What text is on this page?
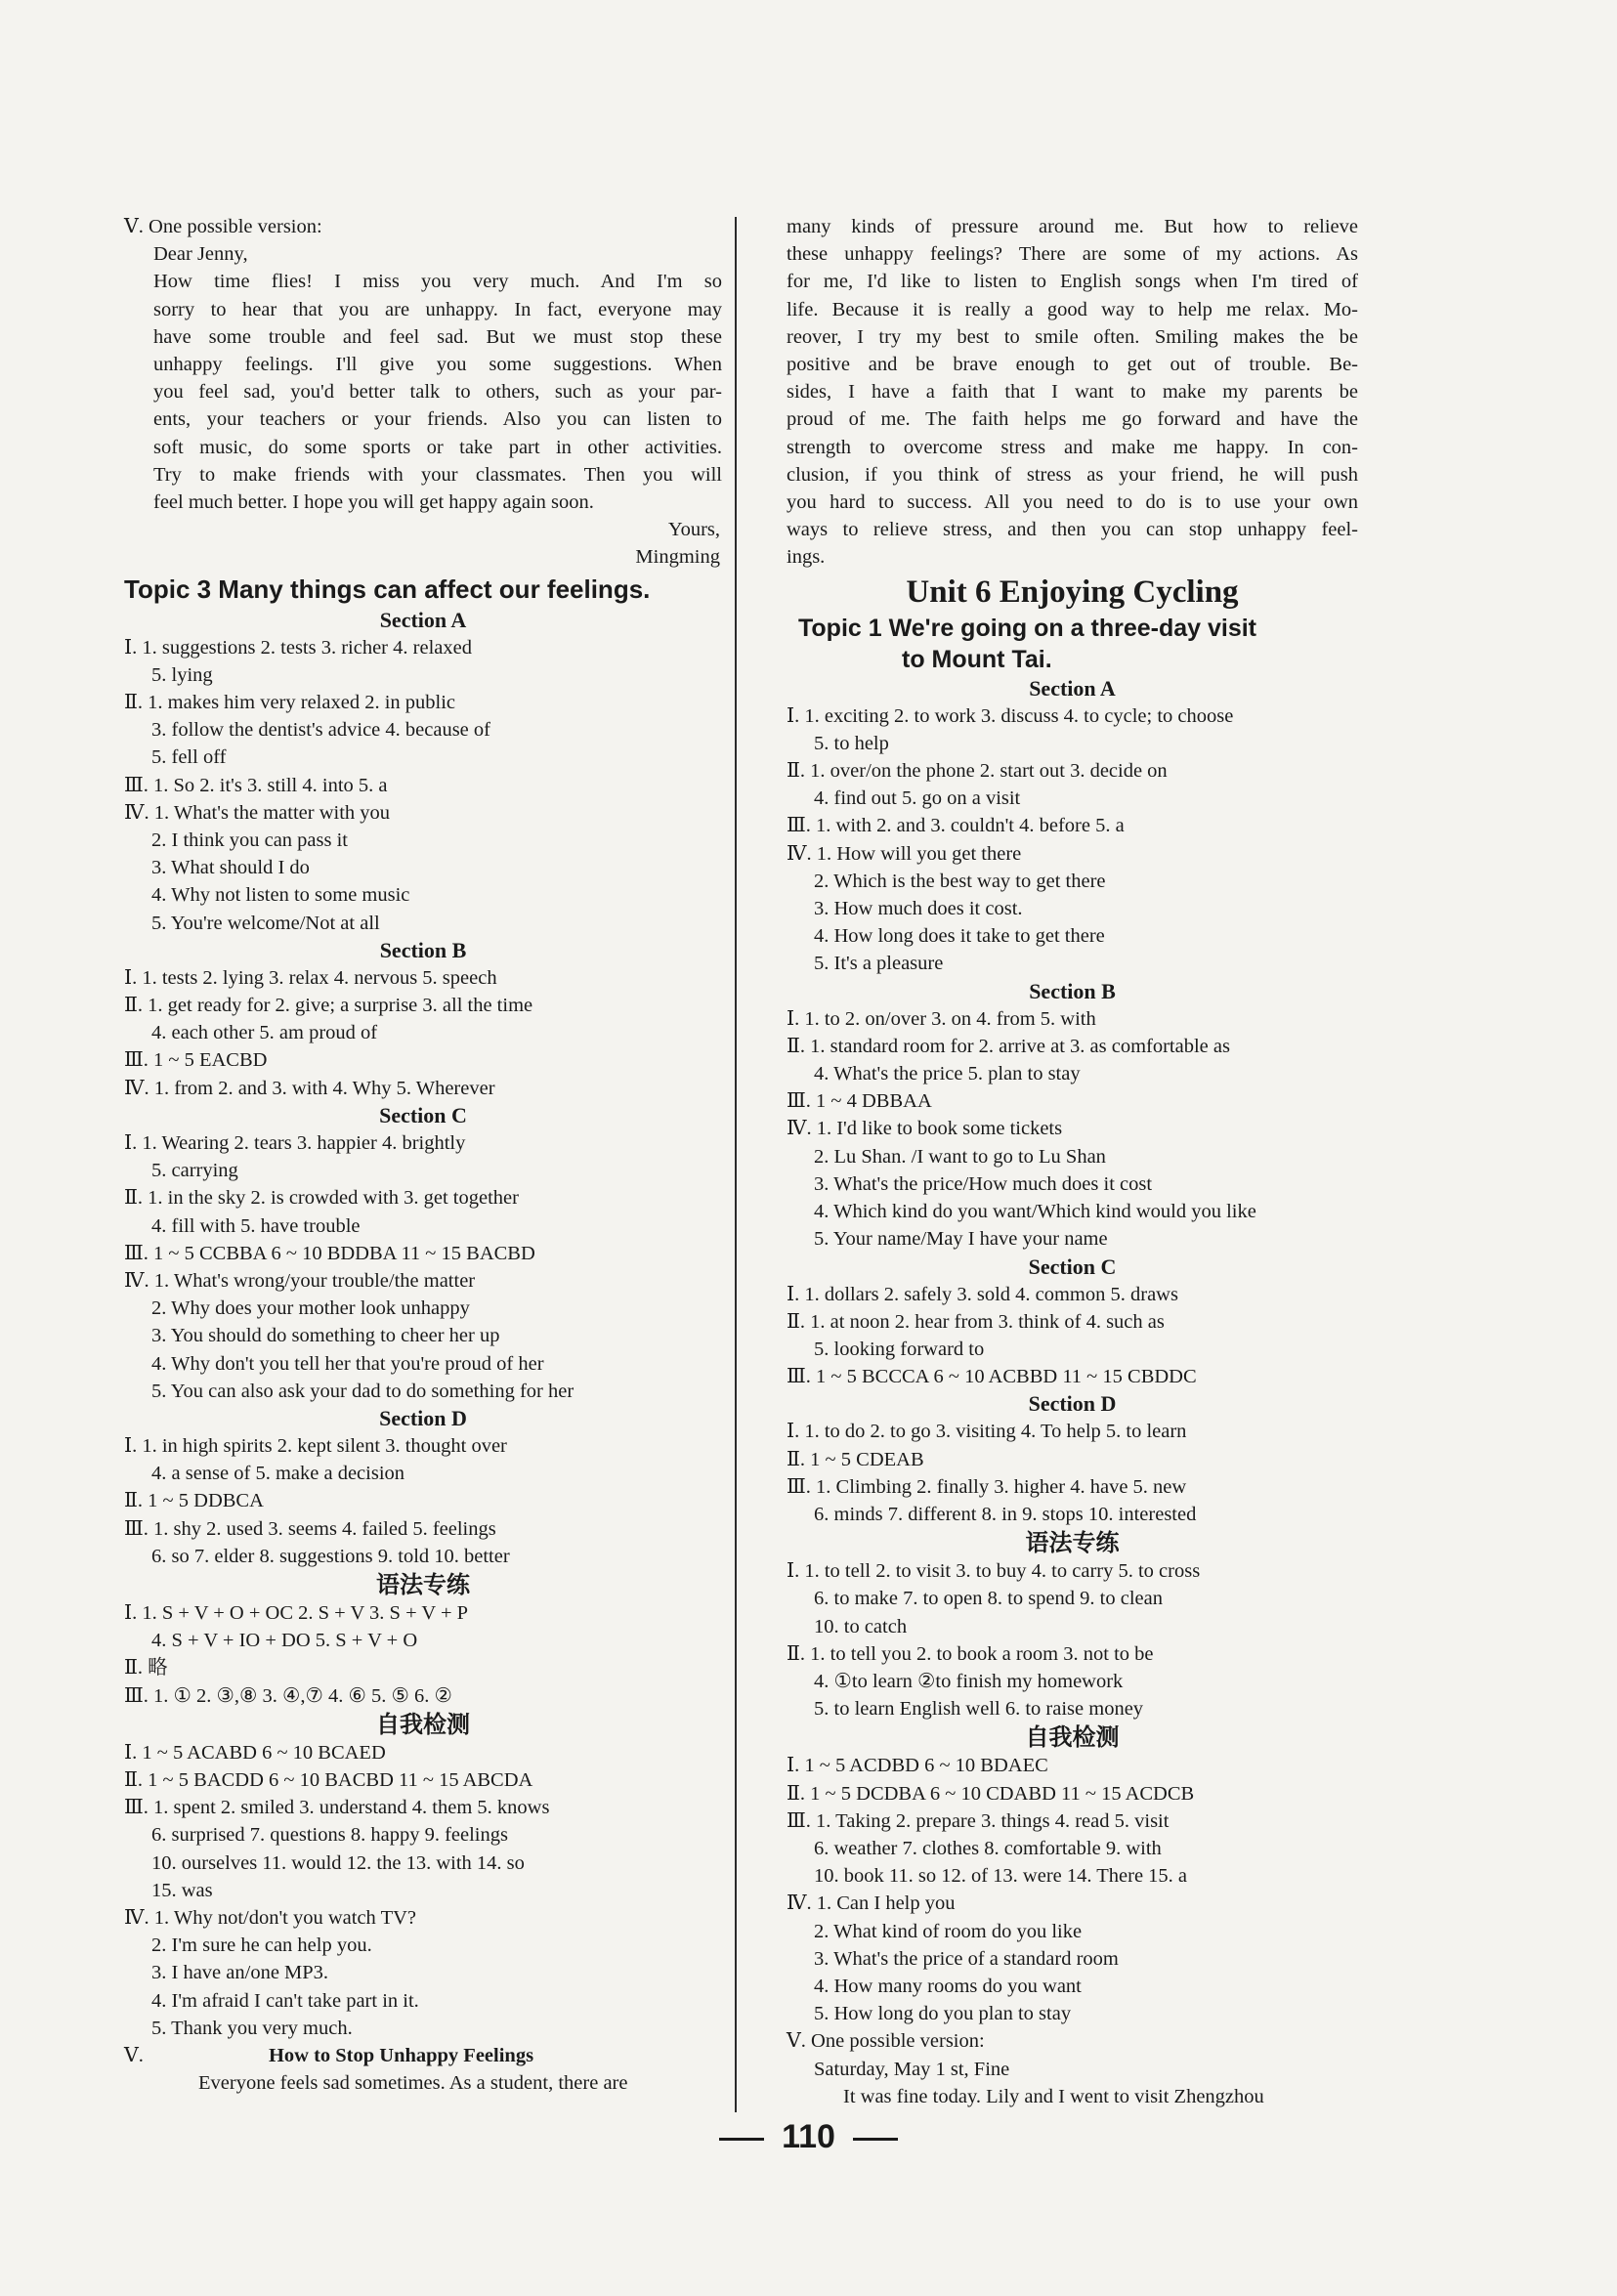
Ⅴ. One possible version:
Dear Jenny,
How time flies! I miss you very much. And I'm so
sorry to hear that you are unhappy. In fact, everyone may
have some trouble and feel sad. But we must stop these
unhappy feelings. I'll give you some suggestions. When
you feel sad, you'd better talk to others, such as your par-
ents, your teachers or your friends. Also you can listen to
soft music, do some sports or take part in other activities.
Try to make friends with your classmates. Then you will
feel much better. I hope you will get happy again soon.
Yours,
Mingming
Topic 3 Many things can affect our feelings.
Section A
Ⅰ. 1. suggestions 2. tests 3. richer 4. relaxed
5. lying
Ⅱ. 1. makes him very relaxed 2. in public
3. follow the dentist's advice 4. because of
5. fell off
Ⅲ. 1. So 2. it's 3. still 4. into 5. a
Ⅳ. 1. What's the matter with you
2. I think you can pass it
3. What should I do
4. Why not listen to some music
5. You're welcome/Not at all
Section B
Ⅰ. 1. tests 2. lying 3. relax 4. nervous 5. speech
Ⅱ. 1. get ready for 2. give; a surprise 3. all the time
4. each other 5. am proud of
Ⅲ. 1 ~ 5 EACBD
Ⅳ. 1. from 2. and 3. with 4. Why 5. Wherever
Section C
Ⅰ. 1. Wearing 2. tears 3. happier 4. brightly
5. carrying
Ⅱ. 1. in the sky 2. is crowded with 3. get together
4. fill with 5. have trouble
Ⅲ. 1 ~ 5 CCBBA 6 ~ 10 BDDBA 11 ~ 15 BACBD
Ⅳ. 1. What's wrong/your trouble/the matter
2. Why does your mother look unhappy
3. You should do something to cheer her up
4. Why don't you tell her that you're proud of her
5. You can also ask your dad to do something for her
Section D
Ⅰ. 1. in high spirits 2. kept silent 3. thought over
4. a sense of 5. make a decision
Ⅱ. 1 ~ 5 DDBCA
Ⅲ. 1. shy 2. used 3. seems 4. failed 5. feelings
6. so 7. elder 8. suggestions 9. told 10. better
语法专练
Ⅰ. 1. S + V + O + OC 2. S + V 3. S + V + P
4. S + V + IO + DO 5. S + V + O
Ⅱ. 略
Ⅲ. 1. ① 2. ③,⑧ 3. ④,⑦ 4. ⑥ 5. ⑤ 6. ②
自我检测
Ⅰ. 1 ~ 5 ACABD 6 ~ 10 BCAED
Ⅱ. 1 ~ 5 BACDD 6 ~ 10 BACBD 11 ~ 15 ABCDA
Ⅲ. 1. spent 2. smiled 3. understand 4. them 5. knows
6. surprised 7. questions 8. happy 9. feelings
10. ourselves 11. would 12. the 13. with 14. so
15. was
Ⅳ. 1. Why not/don't you watch TV?
2. I'm sure he can help you.
3. I have an/one MP3.
4. I'm afraid I can't take part in it.
5. Thank you very much.
Ⅴ.	How to Stop Unhappy Feelings
Everyone feels sad sometimes. As a student, there are
many kinds of pressure around me. But how to relieve
these unhappy feelings? There are some of my actions. As
for me, I'd like to listen to English songs when I'm tired of
life. Because it is really a good way to help me relax. Mo-
reover, I try my best to smile often. Smiling makes the be
positive and be brave enough to get out of trouble. Be-
sides, I have a faith that I want to make my parents be
proud of me. The faith helps me go forward and have the
strength to overcome stress and make me happy. In con-
clusion, if you think of stress as your friend, he will push
you hard to success. All you need to do is to use your own
ways to relieve stress, and then you can stop unhappy feel-
ings.
Unit 6 Enjoying Cycling
Topic 1 We're going on a three-day visit
to Mount Tai.
Section A
Ⅰ. 1. exciting 2. to work 3. discuss 4. to cycle; to choose
5. to help
Ⅱ. 1. over/on the phone 2. start out 3. decide on
4. find out 5. go on a visit
Ⅲ. 1. with 2. and 3. couldn't 4. before 5. a
Ⅳ. 1. How will you get there
2. Which is the best way to get there
3. How much does it cost.
4. How long does it take to get there
5. It's a pleasure
Section B
Ⅰ. 1. to 2. on/over 3. on 4. from 5. with
Ⅱ. 1. standard room for 2. arrive at 3. as comfortable as
4. What's the price 5. plan to stay
Ⅲ. 1 ~ 4 DBBAA
Ⅳ. 1. I'd like to book some tickets
2. Lu Shan. /I want to go to Lu Shan
3. What's the price/How much does it cost
4. Which kind do you want/Which kind would you like
5. Your name/May I have your name
Section C
Ⅰ. 1. dollars 2. safely 3. sold 4. common 5. draws
Ⅱ. 1. at noon 2. hear from 3. think of 4. such as
5. looking forward to
Ⅲ. 1 ~ 5 BCCCA 6 ~ 10 ACBBD 11 ~ 15 CBDDC
Section D
Ⅰ. 1. to do 2. to go 3. visiting 4. To help 5. to learn
Ⅱ. 1 ~ 5 CDEAB
Ⅲ. 1. Climbing 2. finally 3. higher 4. have 5. new
6. minds 7. different 8. in 9. stops 10. interested
语法专练
Ⅰ. 1. to tell 2. to visit 3. to buy 4. to carry 5. to cross
6. to make 7. to open 8. to spend 9. to clean
10. to catch
Ⅱ. 1. to tell you 2. to book a room 3. not to be
4. ①to learn ②to finish my homework
5. to learn English well 6. to raise money
自我检测
Ⅰ. 1 ~ 5 ACDBD 6 ~ 10 BDAEC
Ⅱ. 1 ~ 5 DCDBA 6 ~ 10 CDABD 11 ~ 15 ACDCB
Ⅲ. 1. Taking 2. prepare 3. things 4. read 5. visit
6. weather 7. clothes 8. comfortable 9. with
10. book 11. so 12. of 13. were 14. There 15. a
Ⅳ. 1. Can I help you
2. What kind of room do you like
3. What's the price of a standard room
4. How many rooms do you want
5. How long do you plan to stay
Ⅴ. One possible version:
Saturday, May 1 st, Fine
It was fine today. Lily and I went to visit Zhengzhou
110
